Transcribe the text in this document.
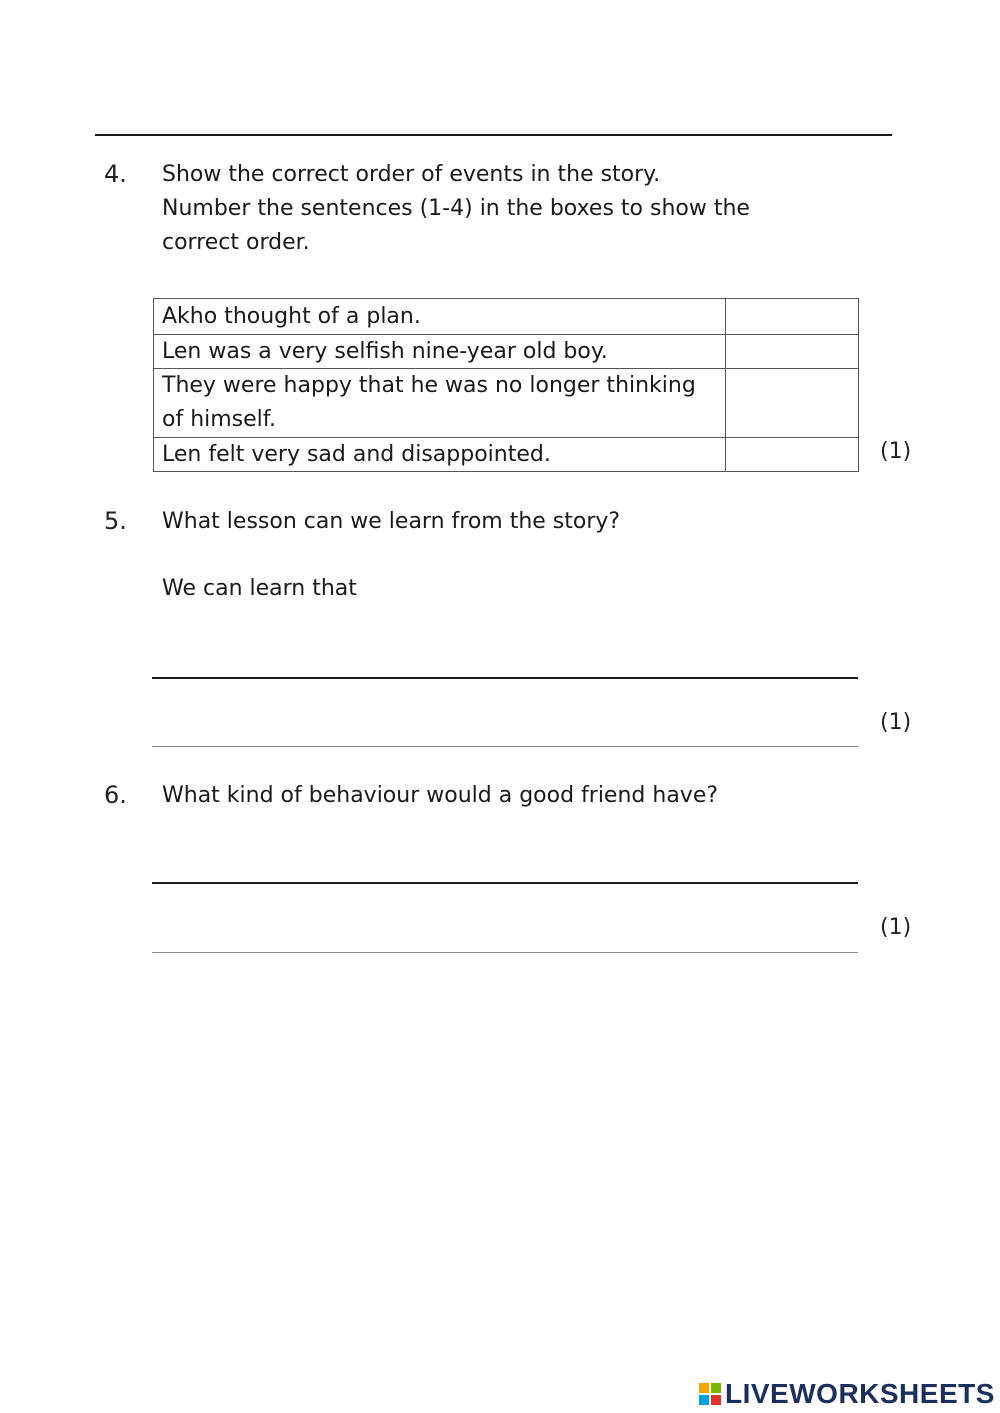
4. Show the correct order of events in the story.
Number the sentences (1-4) in the boxes to show the
correct order.
Akho thought of a plan.	
Len was a very selfish nine-year old boy.	
They were happy that he was no longer thinking of himself.	
Len felt very sad and disappointed.		(1)
5. What lesson can we learn from the story?
We can learn that
(1)
6. What kind of behaviour would a good friend have?
(1)
LIVEWORKSHEETS
